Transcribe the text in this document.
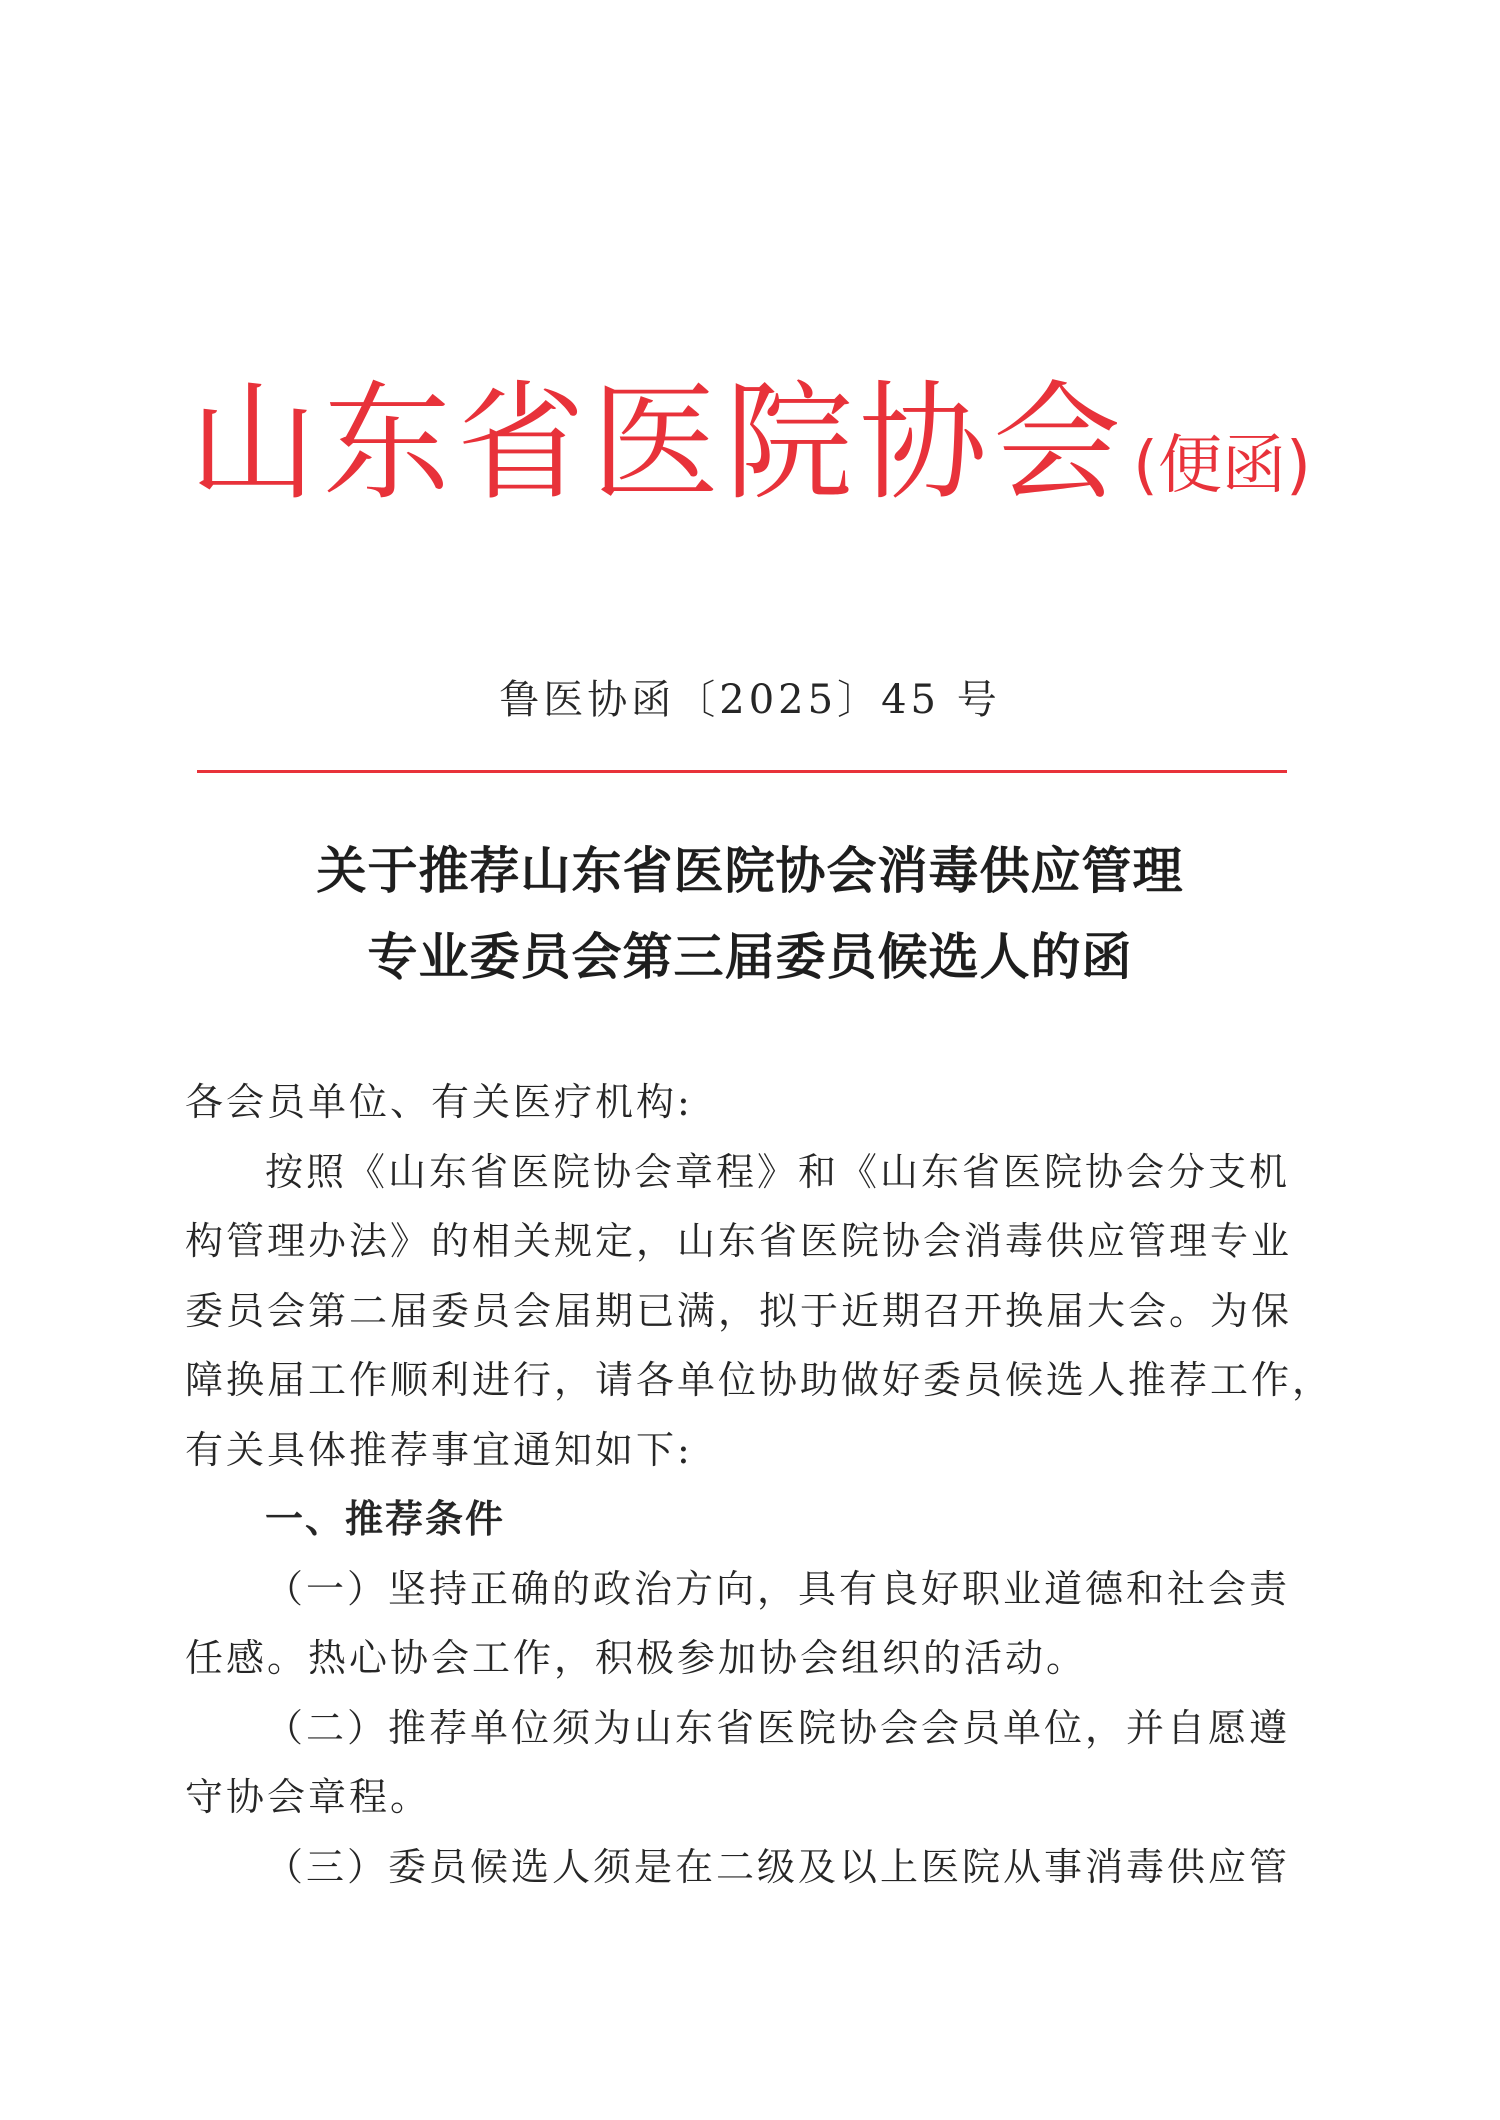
山东省医院协会(便函)
鲁医协函〔2025〕45 号
关于推荐山东省医院协会消毒供应管理
专业委员会第三届委员候选人的函
各会员单位、有关医疗机构:
按照《山东省医院协会章程》和《山东省医院协会分支机
构管理办法》的相关规定，山东省医院协会消毒供应管理专业
委员会第二届委员会届期已满，拟于近期召开换届大会。为保
障换届工作顺利进行，请各单位协助做好委员候选人推荐工作，
有关具体推荐事宜通知如下:
一、推荐条件
（一）坚持正确的政治方向，具有良好职业道德和社会责
任感。热心协会工作，积极参加协会组织的活动。
（二）推荐单位须为山东省医院协会会员单位，并自愿遵
守协会章程。
（三）委员候选人须是在二级及以上医院从事消毒供应管
